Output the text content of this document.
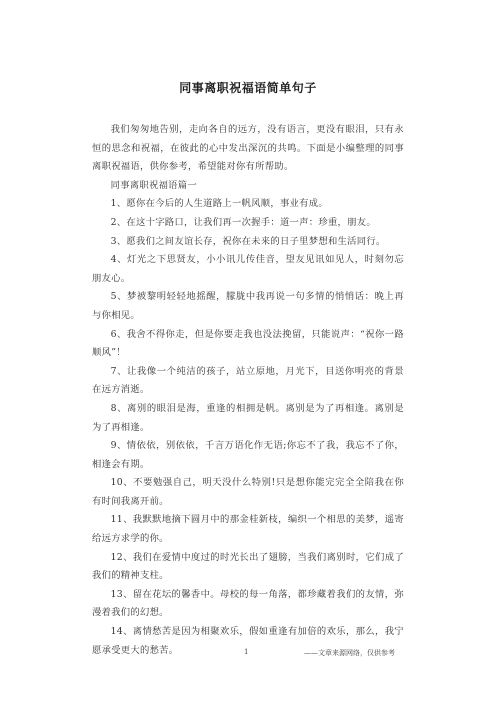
同事离职祝福语简单句子

我们匆匆地告别，走向各自的远方，没有语言，更没有眼泪，只有永恒的思念和祝福，在彼此的心中发出深沉的共鸣。下面是小编整理的同事离职祝福语，供你参考，希望能对你有所帮助。

同事离职祝福语篇一

1、愿你在今后的人生道路上一帆风顺，事业有成。

2、在这十字路口，让我们再一次握手：道一声：珍重，朋友。

3、愿我们之间友谊长存，祝你在未来的日子里梦想和生活同行。

4、灯光之下思贤友，小小讯儿传佳音，望友见讯如见人，时刻勿忘朋友心。

5、梦被黎明轻轻地摇醒，朦胧中我再说一句多情的悄悄话：晚上再与你相见。

6、我舍不得你走，但是你要走我也没法挽留，只能说声：“祝你一路顺风”！

7、让我像一个纯洁的孩子，站立原地，月光下，目送你明亮的背景在远方消逝。

8、离别的眼泪是海，重逢的相拥是帆。离别是为了再相逢。离别是为了再相逢。

9、情依依，别依依，千言万语化作无语;你忘不了我，我忘不了你，相逢会有期。

10、不要勉强自己，明天没什么特别!只是想你能完完全全陪我在你有时间我离开前。

11、我默默地摘下圆月中的那金桂新枝，编织一个相思的美梦，遥寄给远方求学的你。

12、我们在爱情中度过的时光长出了翅膀，当我们离别时，它们成了我们的精神支柱。

13、留在花坛的馨香中。母校的每一角落，都珍藏着我们的友情，弥漫着我们的幻想。

14、离情愁苦是因为相聚欢乐，假如重逢有加倍的欢乐，那么，我宁愿承受更大的愁苦。	1	——文章来源网络，仅供参考
